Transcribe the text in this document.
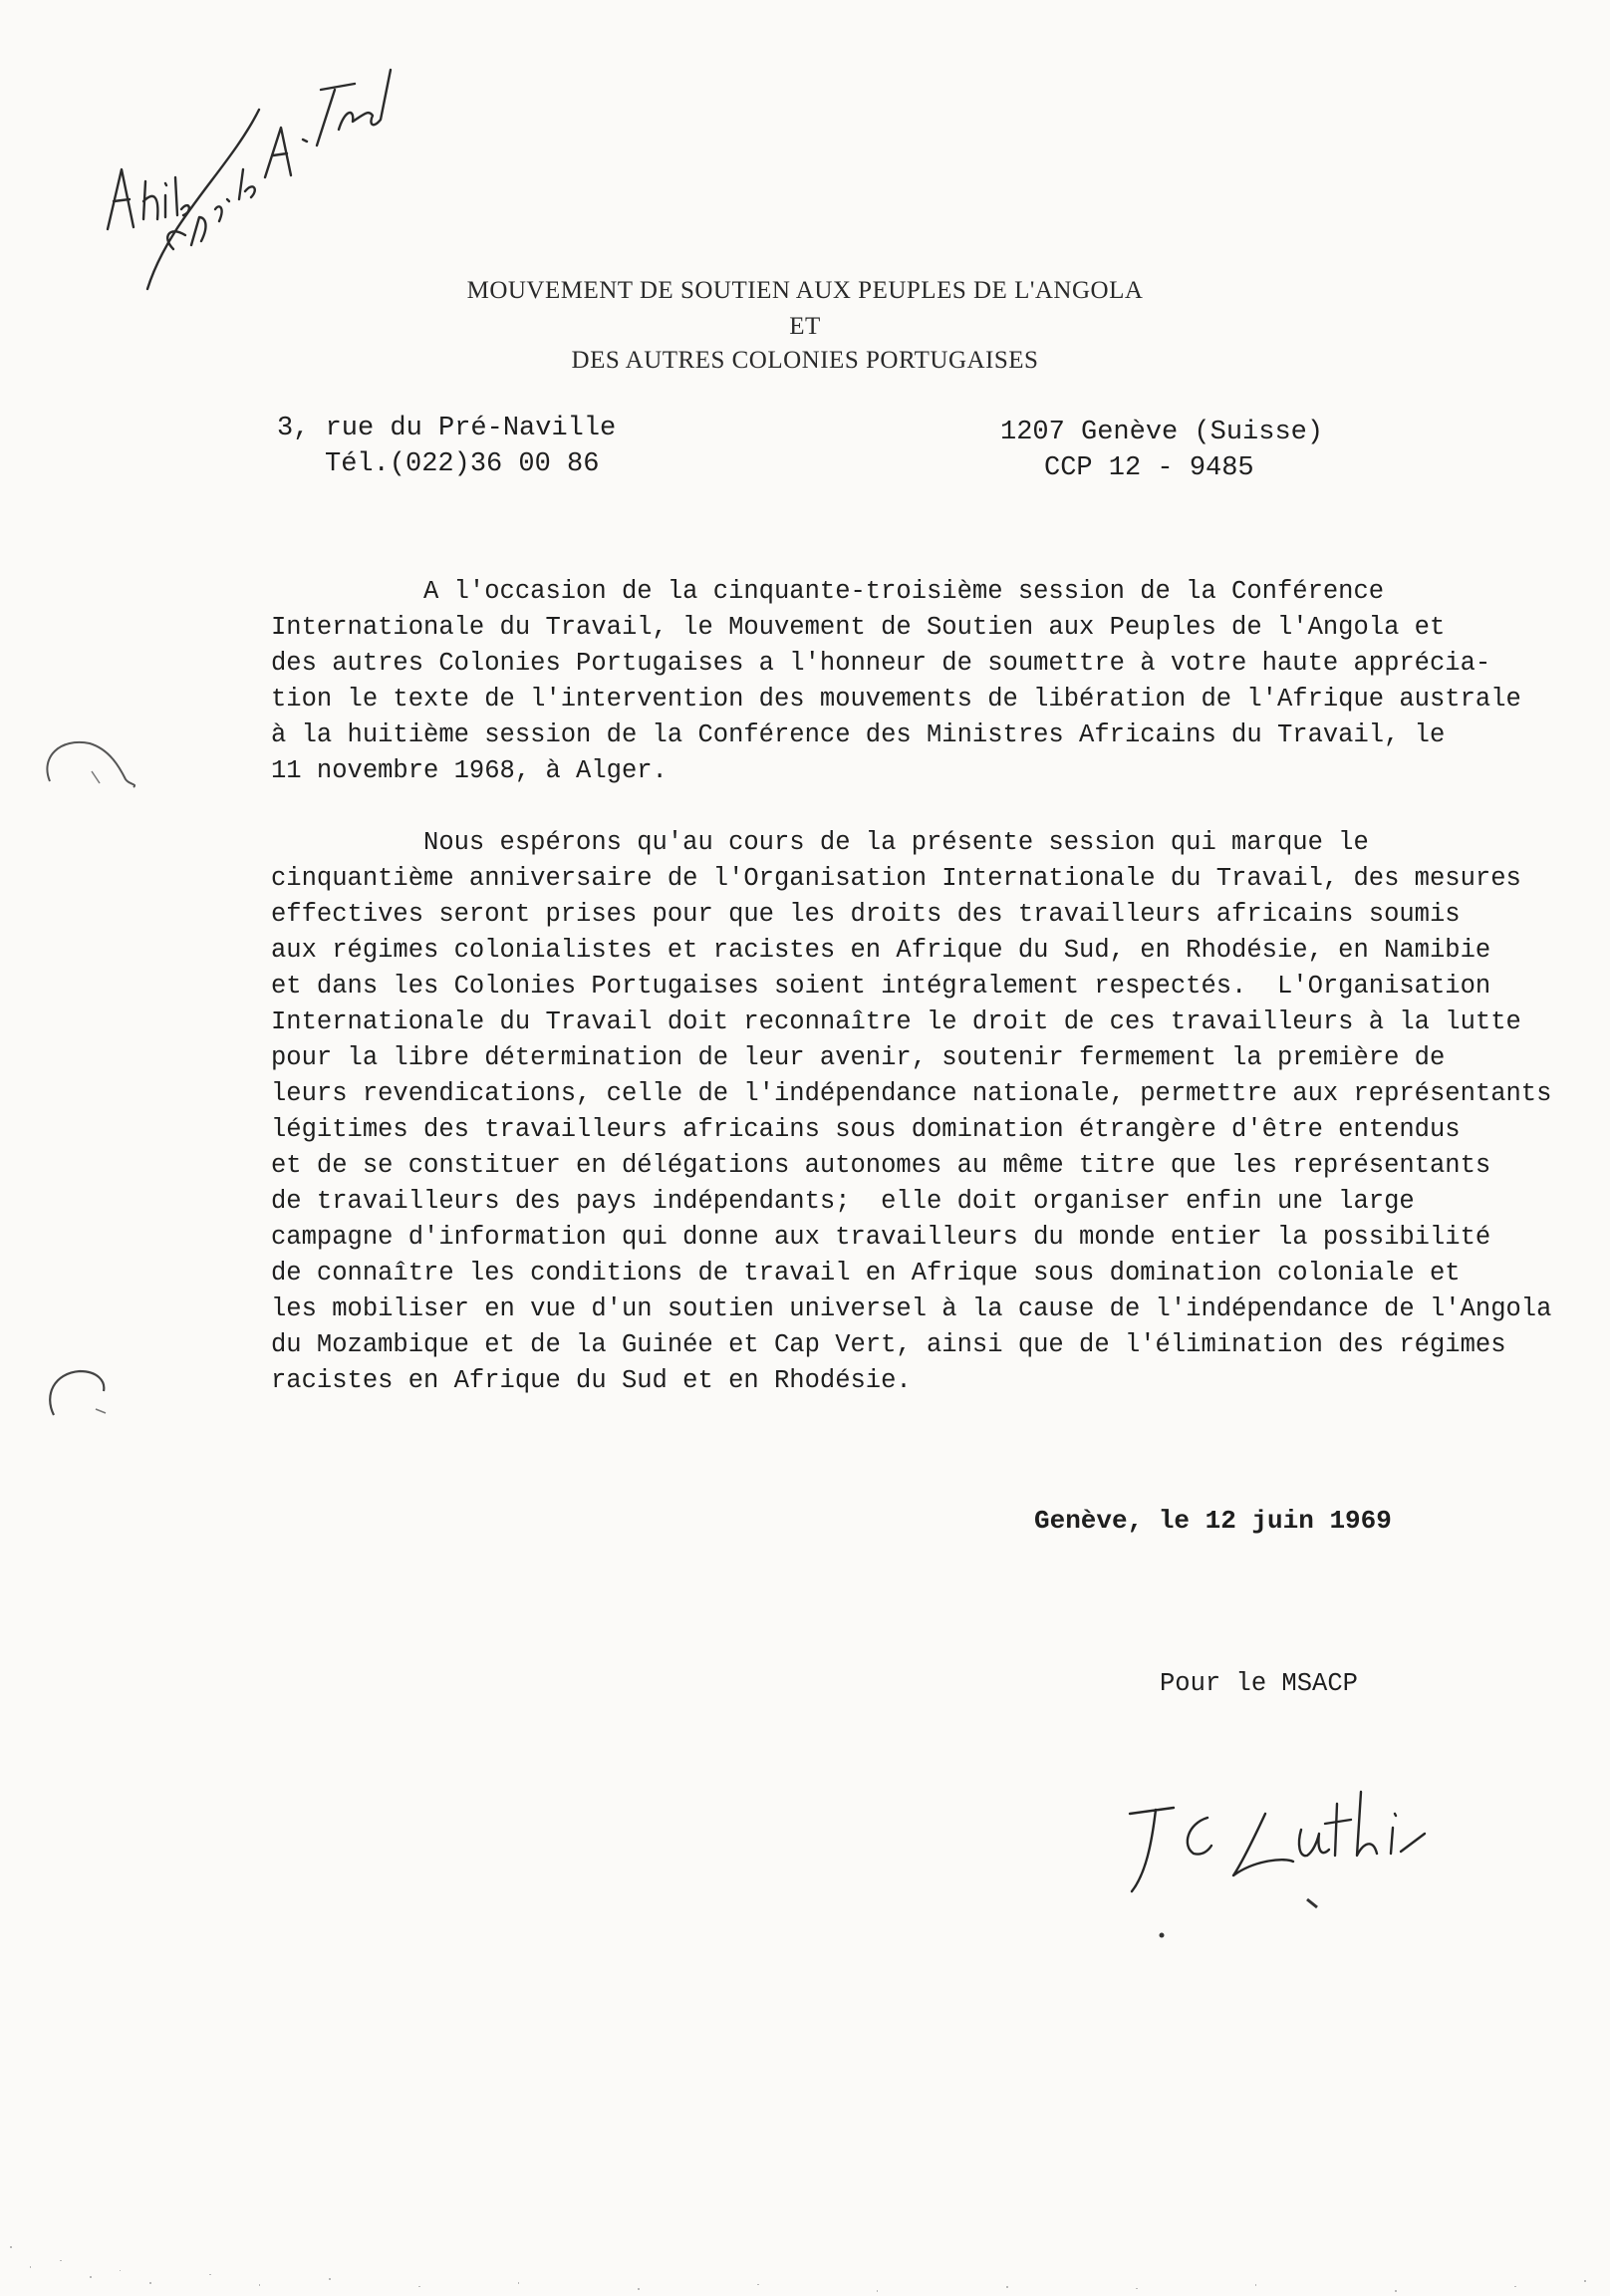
MOUVEMENT DE SOUTIEN AUX PEUPLES DE L'ANGOLA

ET

DES AUTRES COLONIES PORTUGAISES

3, rue du Pré-Naville

Tél.(022)36 00 86

1207 Genève (Suisse)

CCP 12 - 9485

A l'occasion de la cinquante-troisième session de la Conférence
Internationale du Travail, le Mouvement de Soutien aux Peuples de l'Angola et
des autres Colonies Portugaises a l'honneur de soumettre à votre haute apprécia-
tion le texte de l'intervention des mouvements de libération de l'Afrique australe
à la huitième session de la Conférence des Ministres Africains du Travail, le
11 novembre 1968, à Alger.
Nous espérons qu'au cours de la présente session qui marque le
cinquantième anniversaire de l'Organisation Internationale du Travail, des mesures
effectives seront prises pour que les droits des travailleurs africains soumis
aux régimes colonialistes et racistes en Afrique du Sud, en Rhodésie, en Namibie
et dans les Colonies Portugaises soient intégralement respectés.  L'Organisation
Internationale du Travail doit reconnaître le droit de ces travailleurs à la lutte
pour la libre détermination de leur avenir, soutenir fermement la première de
leurs revendications, celle de l'indépendance nationale, permettre aux représentants
légitimes des travailleurs africains sous domination étrangère d'être entendus
et de se constituer en délégations autonomes au même titre que les représentants
de travailleurs des pays indépendants;  elle doit organiser enfin une large
campagne d'information qui donne aux travailleurs du monde entier la possibilité
de connaître les conditions de travail en Afrique sous domination coloniale et
les mobiliser en vue d'un soutien universel à la cause de l'indépendance de l'Angola
du Mozambique et de la Guinée et Cap Vert, ainsi que de l'élimination des régimes
racistes en Afrique du Sud et en Rhodésie.

Genève, le 12 juin 1969

Pour le MSACP
